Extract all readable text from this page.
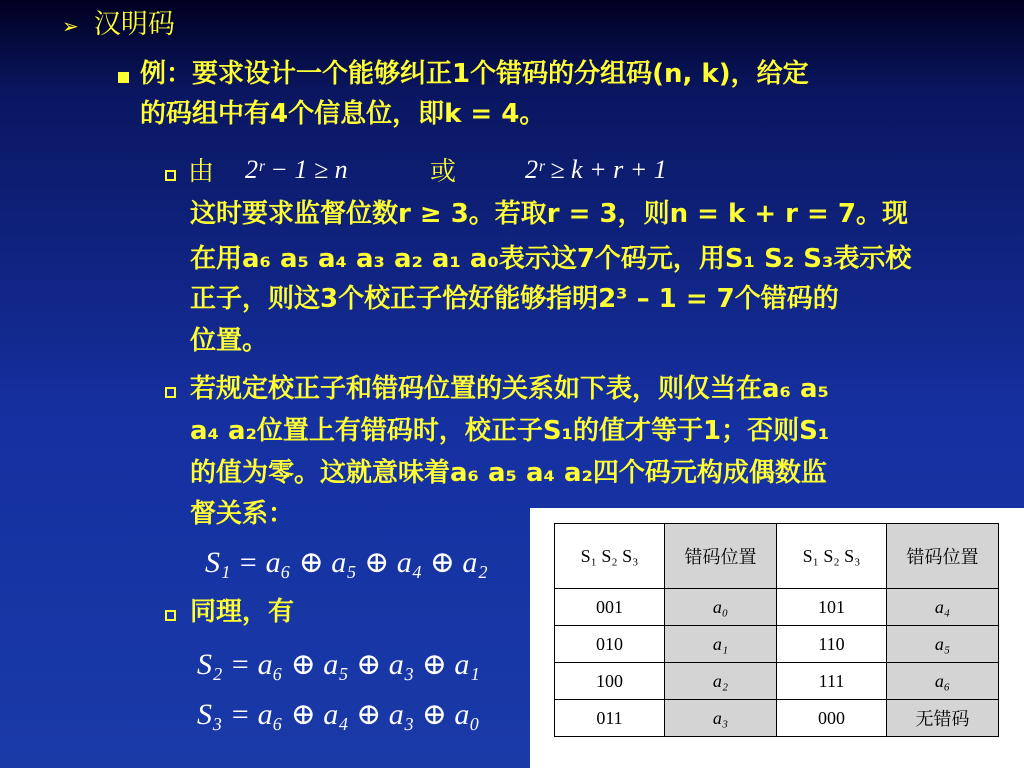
➢ 汉明码
例：要求设计一个能够纠正1个错码的分组码(n, k)，给定
的码组中有4个信息位，即k = 4。
由 2ʳ − 1 ≥ n	或	2ʳ ≥ k + r + 1
这时要求监督位数r ≥ 3。若取r = 3，则n = k + r = 7。现
在用a₆ a₅ a₄ a₃ a₂ a₁ a₀表示这7个码元，用S₁ S₂ S₃表示校
正子，则这3个校正子恰好能够指明2³ – 1 = 7个错码的
位置。
若规定校正子和错码位置的关系如下表，则仅当在a₆ a₅
a₄ a₂位置上有错码时，校正子S₁的值才等于1；否则S₁
的值为零。这就意味着a₆ a₅ a₄ a₂四个码元构成偶数监
督关系：
S₁ = a₆ ⊕ a₅ ⊕ a₄ ⊕ a₂
同理，有
S₂ = a₆ ⊕ a₅ ⊕ a₃ ⊕ a₁
S₃ = a₆ ⊕ a₄ ⊕ a₃ ⊕ a₀
S₁ S₂ S₃	错码位置	S₁ S₂ S₃	错码位置
001	a₀	101	a₄
010	a₁	110	a₅
100	a₂	111	a₆
011	a₃	000	无错码
